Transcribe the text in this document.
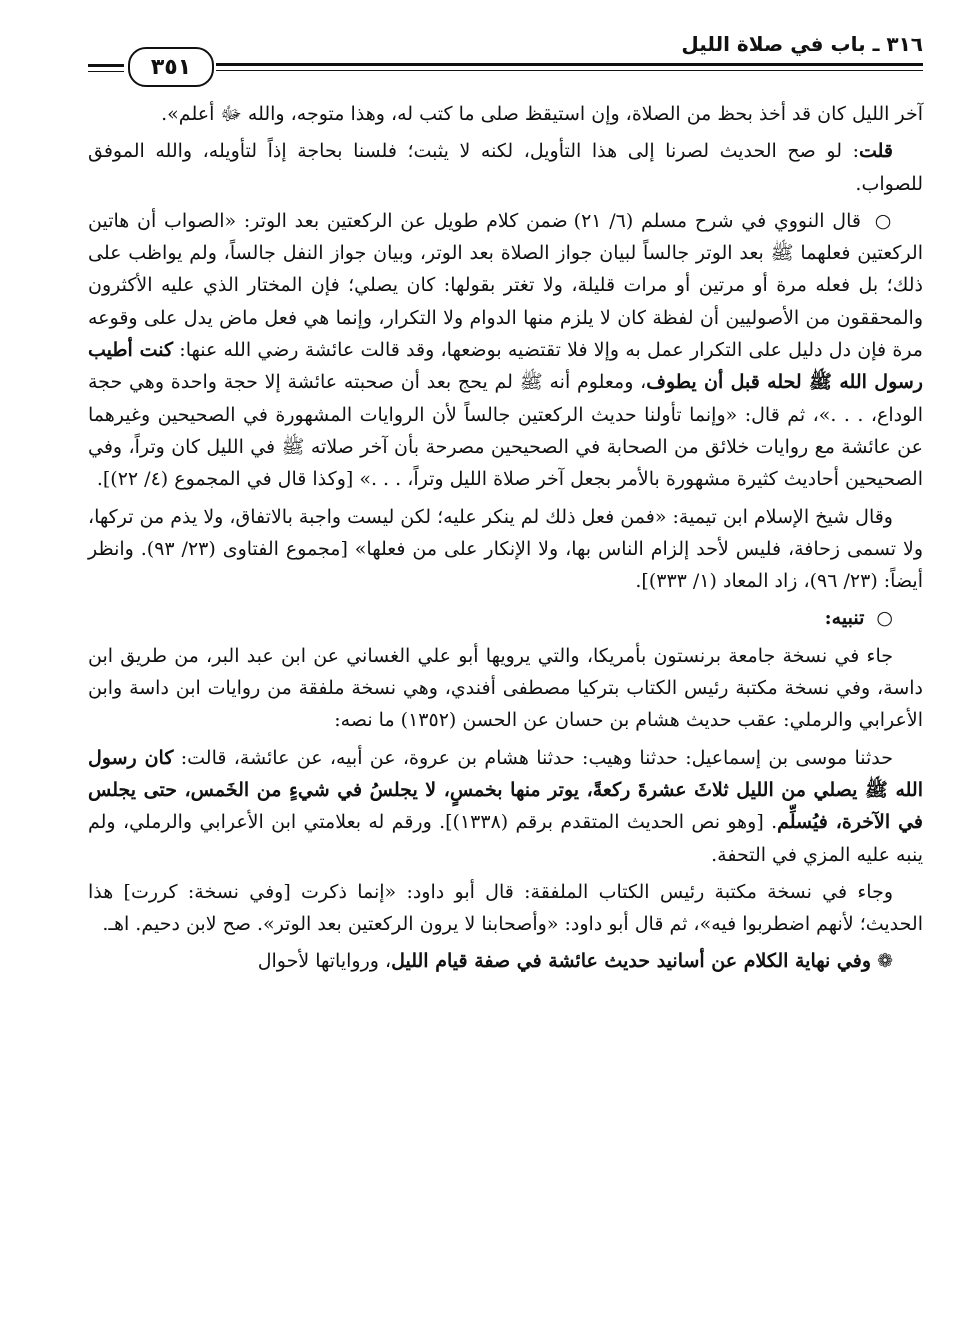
٣١٦ ـ باب في صلاة الليل
٣٥١

آخر الليل كان قد أخذ بحظ من الصلاة، وإن استيقظ صلى ما كتب له، وهذا متوجه، والله ﷻ أعلم».

قلت: لو صح الحديث لصرنا إلى هذا التأويل، لكنه لا يثبت؛ فلسنا بحاجة إذاً لتأويله، والله الموفق للصواب.

○ قال النووي في شرح مسلم (٦/ ٢١) ضمن كلام طويل عن الركعتين بعد الوتر: «الصواب أن هاتين الركعتين فعلهما ﷺ بعد الوتر جالساً لبيان جواز الصلاة بعد الوتر، وبيان جواز النفل جالساً، ولم يواظب على ذلك؛ بل فعله مرة أو مرتين أو مرات قليلة، ولا تغتر بقولها: كان يصلي؛ فإن المختار الذي عليه الأكثرون والمحققون من الأصوليين أن لفظة كان لا يلزم منها الدوام ولا التكرار، وإنما هي فعل ماض يدل على وقوعه مرة فإن دل دليل على التكرار عمل به وإلا فلا تقتضيه بوضعها، وقد قالت عائشة رضي الله عنها: كنت أطيب رسول الله ﷺ لحله قبل أن يطوف، ومعلوم أنه ﷺ لم يحج بعد أن صحبته عائشة إلا حجة واحدة وهي حجة الوداع، . . .»، ثم قال: «وإنما تأولنا حديث الركعتين جالساً لأن الروايات المشهورة في الصحيحين وغيرهما عن عائشة مع روايات خلائق من الصحابة في الصحيحين مصرحة بأن آخر صلاته ﷺ في الليل كان وتراً، وفي الصحيحين أحاديث كثيرة مشهورة بالأمر بجعل آخر صلاة الليل وتراً، . . .» [وكذا قال في المجموع (٤/ ٢٢)].

وقال شيخ الإسلام ابن تيمية: «فمن فعل ذلك لم ينكر عليه؛ لكن ليست واجبة بالاتفاق، ولا يذم من تركها، ولا تسمى زحافة، فليس لأحد إلزام الناس بها، ولا الإنكار على من فعلها» [مجموع الفتاوى (٢٣/ ٩٣). وانظر أيضاً: (٢٣/ ٩٦)، زاد المعاد (١/ ٣٣٣)].

○ تنبيه:

جاء في نسخة جامعة برنستون بأمريكا، والتي يرويها أبو علي الغساني عن ابن عبد البر، من طريق ابن داسة، وفي نسخة مكتبة رئيس الكتاب بتركيا مصطفى أفندي، وهي نسخة ملفقة من روايات ابن داسة وابن الأعرابي والرملي: عقب حديث هشام بن حسان عن الحسن (١٣٥٢) ما نصه:

حدثنا موسى بن إسماعيل: حدثنا وهيب: حدثنا هشام بن عروة، عن أبيه، عن عائشة، قالت: كان رسول الله ﷺ يصلي من الليل ثلاثَ عشرةَ ركعةً، يوتر منها بخمسٍ، لا يجلسُ في شيءٍ من الخَمس، حتى يجلس في الآخرة، فيُسلِّم. [وهو نص الحديث المتقدم برقم (١٣٣٨)]. ورقم له بعلامتي ابن الأعرابي والرملي، ولم ينبه عليه المزي في التحفة.

وجاء في نسخة مكتبة رئيس الكتاب الملفقة: قال أبو داود: «إنما ذكرت [وفي نسخة: كررت] هذا الحديث؛ لأنهم اضطربوا فيه»، ثم قال أبو داود: «وأصحابنا لا يرون الركعتين بعد الوتر». صح لابن دحيم. اهـ.

❁ وفي نهاية الكلام عن أسانيد حديث عائشة في صفة قيام الليل، ورواياتها لأحوال
